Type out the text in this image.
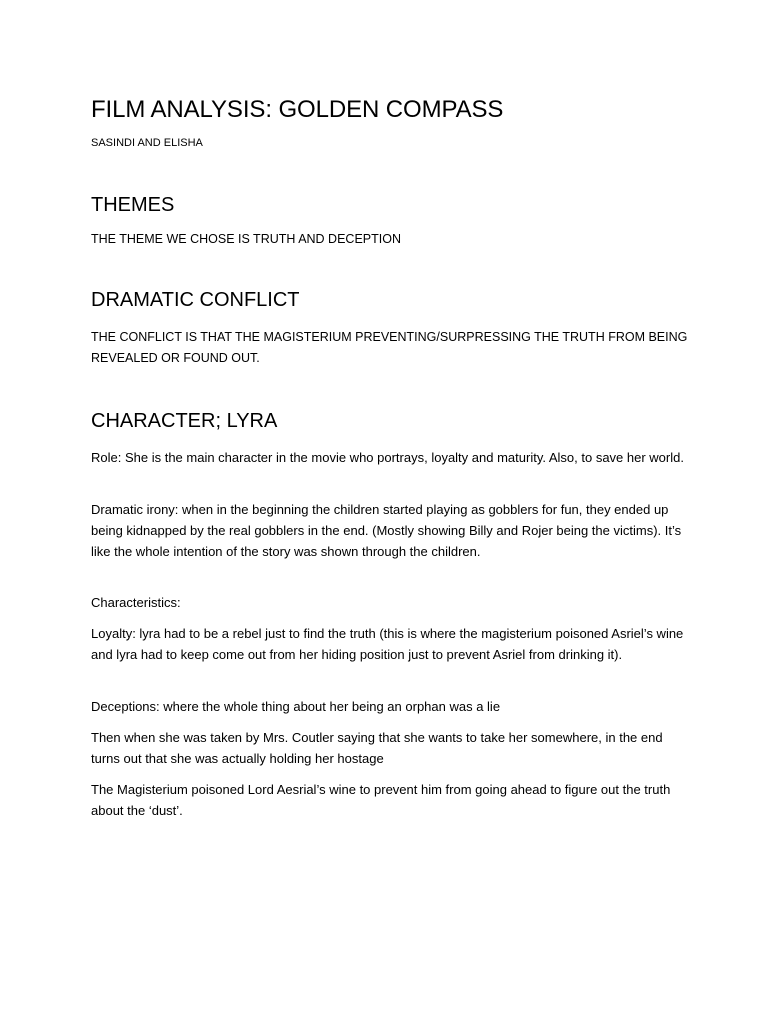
FILM ANALYSIS: GOLDEN COMPASS

SASINDI AND ELISHA

THEMES

THE THEME WE CHOSE IS TRUTH AND DECEPTION

DRAMATIC CONFLICT

THE CONFLICT IS THAT THE MAGISTERIUM PREVENTING/SURPRESSING THE TRUTH FROM BEING REVEALED OR FOUND OUT.

CHARACTER; LYRA

Role: She is the main character in the movie who portrays, loyalty and maturity. Also, to save her world.

Dramatic irony: when in the beginning the children started playing as gobblers for fun, they ended up being kidnapped by the real gobblers in the end. (Mostly showing Billy and Rojer being the victims). It’s like the whole intention of the story was shown through the children.

Characteristics:

Loyalty: lyra had to be a rebel just to find the truth (this is where the magisterium poisoned Asriel’s wine and lyra had to keep come out from her hiding position just to prevent Asriel from drinking it).

Deceptions: where the whole thing about her being an orphan was a lie

Then when she was taken by Mrs. Coutler saying that she wants to take her somewhere, in the end turns out that she was actually holding her hostage

The Magisterium poisoned Lord Aesrial’s wine to prevent him from going ahead to figure out the truth about the ‘dust’.
